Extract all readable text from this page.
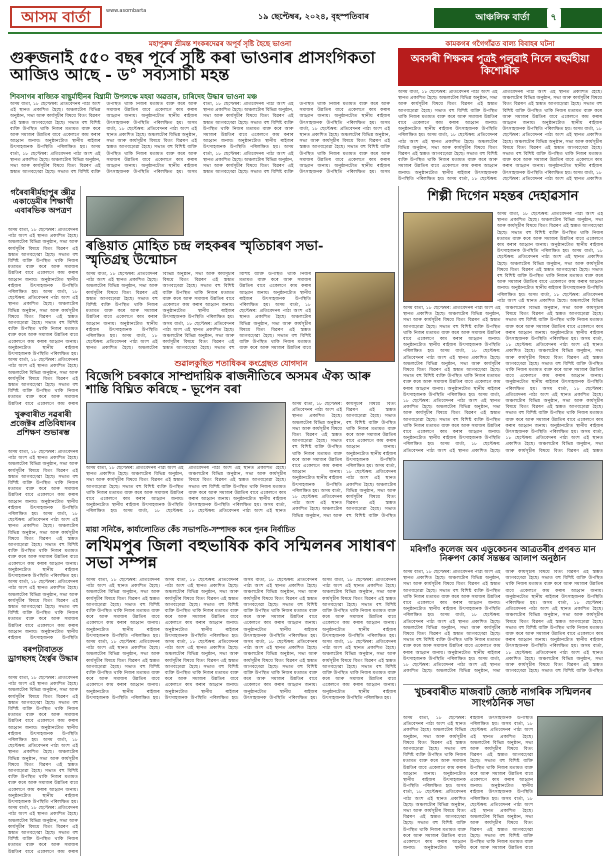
আসম বাৰ্তা	www.asombarta
১৯ ছেপ্টেম্বৰ, ২০২৪, বৃহস্পতিবাৰ	আঞ্চলিক বাৰ্তা ৭
মহাপুৰুষ শ্ৰীমন্ত শংকৰদেৱৰ অপূৰ্ব সৃষ্টি হৈছে ভাওনা
গুৰুজনাই ৫৫০ বছৰ পূৰ্বে সৃষ্টি কৰা ভাওনাৰ প্ৰাসংগিকতা আজিও আছে - ড° সব্যসাচী মহন্ত
শিবসাগৰ ৰাজ্যিক বাছুৰ্মাহীনৰ বিশ্ব্ৰামী উপলক্ষে মহযা অৱতাৰ, চাৰিদেহ উদ্ধাৰ ভাওনা মঞ্চ
অসম বাৰ্তা, ১৮ ছেপ্টেম্বৰ: প্ৰতিবেদনৰ পাঠ্য অংশ এই স্থানত প্ৰকাশিত হৈছে। অঞ্চলটোৰ বিভিন্ন অনুষ্ঠান, সভা আৰু কাৰ্যসূচীৰ বিষয়ে বিতং বিৱৰণ এই স্তম্ভত আগবঢ়োৱা হৈছে। সভাত বহু বিশিষ্ট ব্যক্তি উপস্থিত থাকি নিজৰ মতামত ব্যক্ত কৰে আৰু সমাজৰ উন্নতিৰ বাবে একেলগে কাম কৰাৰ আহ্বান জনায়। অনুষ্ঠানটোত স্থানীয় ৰাইজৰ উৎসাহজনক উপস্থিতি পৰিলক্ষিত হয়। অসম বাৰ্তা, ১৮ ছেপ্টেম্বৰ: প্ৰতিবেদনৰ পাঠ্য অংশ এই স্থানত প্ৰকাশিত হৈছে। অঞ্চলটোৰ বিভিন্ন অনুষ্ঠান, সভা আৰু কাৰ্যসূচীৰ বিষয়ে বিতং বিৱৰণ এই স্তম্ভত আগবঢ়োৱা হৈছে। সভাত বহু বিশিষ্ট ব্যক্তি উপস্থিত থাকি নিজৰ মতামত ব্যক্ত কৰে আৰু সমাজৰ উন্নতিৰ বাবে একেলগে কাম কৰাৰ আহ্বান জনায়। অনুষ্ঠানটোত স্থানীয় ৰাইজৰ উৎসাহজনক উপস্থিতি পৰিলক্ষিত হয়। অসম বাৰ্তা, ১৮ ছেপ্টেম্বৰ: প্ৰতিবেদনৰ পাঠ্য অংশ এই স্থানত প্ৰকাশিত হৈছে। অঞ্চলটোৰ বিভিন্ন অনুষ্ঠান, সভা আৰু কাৰ্যসূচীৰ বিষয়ে বিতং বিৱৰণ এই স্তম্ভত আগবঢ়োৱা হৈছে। সভাত বহু বিশিষ্ট ব্যক্তি উপস্থিত থাকি নিজৰ মতামত ব্যক্ত কৰে আৰু সমাজৰ উন্নতিৰ বাবে একেলগে কাম কৰাৰ আহ্বান জনায়। অনুষ্ঠানটোত স্থানীয় ৰাইজৰ উৎসাহজনক উপস্থিতি পৰিলক্ষিত হয়। অসম বাৰ্তা, ১৮ ছেপ্টেম্বৰ: প্ৰতিবেদনৰ পাঠ্য অংশ এই স্থানত প্ৰকাশিত হৈছে। অঞ্চলটোৰ বিভিন্ন অনুষ্ঠান, সভা আৰু কাৰ্যসূচীৰ বিষয়ে বিতং বিৱৰণ এই স্তম্ভত আগবঢ়োৱা হৈছে। সভাত বহু বিশিষ্ট ব্যক্তি উপস্থিত থাকি নিজৰ মতামত ব্যক্ত কৰে আৰু সমাজৰ উন্নতিৰ বাবে একেলগে কাম কৰাৰ আহ্বান জনায়। অনুষ্ঠানটোত স্থানীয় ৰাইজৰ উৎসাহজনক উপস্থিতি পৰিলক্ষিত হয়। অসম বাৰ্তা, ১৮ ছেপ্টেম্বৰ: প্ৰতিবেদনৰ পাঠ্য অংশ এই স্থানত প্ৰকাশিত হৈছে। অঞ্চলটোৰ বিভিন্ন অনুষ্ঠান, সভা আৰু কাৰ্যসূচীৰ বিষয়ে বিতং বিৱৰণ এই স্তম্ভত আগবঢ়োৱা হৈছে। সভাত বহু বিশিষ্ট ব্যক্তি উপস্থিত থাকি নিজৰ মতামত ব্যক্ত কৰে আৰু সমাজৰ উন্নতিৰ বাবে একেলগে কাম কৰাৰ আহ্বান জনায়। অনুষ্ঠানটোত স্থানীয় ৰাইজৰ উৎসাহজনক উপস্থিতি পৰিলক্ষিত হয়। অসম বাৰ্তা, ১৮ ছেপ্টেম্বৰ: প্ৰতিবেদনৰ পাঠ্য অংশ এই স্থানত প্ৰকাশিত হৈছে। অঞ্চলটোৰ বিভিন্ন অনুষ্ঠান, সভা আৰু কাৰ্যসূচীৰ বিষয়ে বিতং বিৱৰণ এই স্তম্ভত আগবঢ়োৱা হৈছে। সভাত বহু বিশিষ্ট ব্যক্তি উপস্থিত থাকি নিজৰ মতামত ব্যক্ত কৰে আৰু সমাজৰ উন্নতিৰ বাবে একেলগে কাম কৰাৰ আহ্বান জনায়। অনুষ্ঠানটোত স্থানীয় ৰাইজৰ উৎসাহজনক উপস্থিতি পৰিলক্ষিত হয়। অসম
কামকগৰ গগৈগাঁৱত বাল্য বিবাহৰ ঘটনা
অবসৰী শিক্ষকৰ পুত্ৰই পলুৱাই নিলে ৰছৰ্মহীয়া কিশোৰীক
অসম বাৰ্তা, ১৮ ছেপ্টেম্বৰ: প্ৰতিবেদনৰ পাঠ্য অংশ এই স্থানত প্ৰকাশিত হৈছে। অঞ্চলটোৰ বিভিন্ন অনুষ্ঠান, সভা আৰু কাৰ্যসূচীৰ বিষয়ে বিতং বিৱৰণ এই স্তম্ভত আগবঢ়োৱা হৈছে। সভাত বহু বিশিষ্ট ব্যক্তি উপস্থিত থাকি নিজৰ মতামত ব্যক্ত কৰে আৰু সমাজৰ উন্নতিৰ বাবে একেলগে কাম কৰাৰ আহ্বান জনায়। অনুষ্ঠানটোত স্থানীয় ৰাইজৰ উৎসাহজনক উপস্থিতি পৰিলক্ষিত হয়। অসম বাৰ্তা, ১৮ ছেপ্টেম্বৰ: প্ৰতিবেদনৰ পাঠ্য অংশ এই স্থানত প্ৰকাশিত হৈছে। অঞ্চলটোৰ বিভিন্ন অনুষ্ঠান, সভা আৰু কাৰ্যসূচীৰ বিষয়ে বিতং বিৱৰণ এই স্তম্ভত আগবঢ়োৱা হৈছে। সভাত বহু বিশিষ্ট ব্যক্তি উপস্থিত থাকি নিজৰ মতামত ব্যক্ত কৰে আৰু সমাজৰ উন্নতিৰ বাবে একেলগে কাম কৰাৰ আহ্বান জনায়। অনুষ্ঠানটোত স্থানীয় ৰাইজৰ উৎসাহজনক উপস্থিতি পৰিলক্ষিত হয়। অসম বাৰ্তা, ১৮ ছেপ্টেম্বৰ: প্ৰতিবেদনৰ পাঠ্য অংশ এই স্থানত প্ৰকাশিত হৈছে। অঞ্চলটোৰ বিভিন্ন অনুষ্ঠান, সভা আৰু কাৰ্যসূচীৰ বিষয়ে বিতং বিৱৰণ এই স্তম্ভত আগবঢ়োৱা হৈছে। সভাত বহু বিশিষ্ট ব্যক্তি উপস্থিত থাকি নিজৰ মতামত ব্যক্ত কৰে আৰু সমাজৰ উন্নতিৰ বাবে একেলগে কাম কৰাৰ আহ্বান জনায়। অনুষ্ঠানটোত স্থানীয় ৰাইজৰ উৎসাহজনক উপস্থিতি পৰিলক্ষিত হয়। অসম বাৰ্তা, ১৮ ছেপ্টেম্বৰ: প্ৰতিবেদনৰ পাঠ্য অংশ এই স্থানত প্ৰকাশিত হৈছে। অঞ্চলটোৰ বিভিন্ন অনুষ্ঠান, সভা আৰু কাৰ্যসূচীৰ বিষয়ে বিতং বিৱৰণ এই স্তম্ভত আগবঢ়োৱা হৈছে। সভাত বহু বিশিষ্ট ব্যক্তি উপস্থিত থাকি নিজৰ মতামত ব্যক্ত কৰে আৰু সমাজৰ উন্নতিৰ বাবে একেলগে কাম কৰাৰ আহ্বান জনায়। অনুষ্ঠানটোত স্থানীয় ৰাইজৰ উৎসাহজনক উপস্থিতি পৰিলক্ষিত হয়। অসম বাৰ্তা, ১৮ ছেপ্টেম্বৰ: প্ৰতিবেদনৰ পাঠ্য অংশ এই স্থানত প্ৰকাশিত
গৰৈবাৰীৰ্মহাপুৰ জ্ঞীৱ একাডেমীৰ শিক্ষাৰ্থী এবাৰভিক অপত্ৰণ
অসম বাৰ্তা, ১৮ ছেপ্টেম্বৰ: প্ৰতিবেদনৰ পাঠ্য অংশ এই স্থানত প্ৰকাশিত হৈছে। অঞ্চলটোৰ বিভিন্ন অনুষ্ঠান, সভা আৰু কাৰ্যসূচীৰ বিষয়ে বিতং বিৱৰণ এই স্তম্ভত আগবঢ়োৱা হৈছে। সভাত বহু বিশিষ্ট ব্যক্তি উপস্থিত থাকি নিজৰ মতামত ব্যক্ত কৰে আৰু সমাজৰ উন্নতিৰ বাবে একেলগে কাম কৰাৰ আহ্বান জনায়। অনুষ্ঠানটোত স্থানীয় ৰাইজৰ উৎসাহজনক উপস্থিতি পৰিলক্ষিত হয়। অসম বাৰ্তা, ১৮ ছেপ্টেম্বৰ: প্ৰতিবেদনৰ পাঠ্য অংশ এই স্থানত প্ৰকাশিত হৈছে। অঞ্চলটোৰ বিভিন্ন অনুষ্ঠান, সভা আৰু কাৰ্যসূচীৰ বিষয়ে বিতং বিৱৰণ এই স্তম্ভত আগবঢ়োৱা হৈছে। সভাত বহু বিশিষ্ট ব্যক্তি উপস্থিত থাকি নিজৰ মতামত ব্যক্ত কৰে আৰু সমাজৰ উন্নতিৰ বাবে একেলগে কাম কৰাৰ আহ্বান জনায়। অনুষ্ঠানটোত স্থানীয় ৰাইজৰ উৎসাহজনক উপস্থিতি পৰিলক্ষিত হয়। অসম বাৰ্তা, ১৮ ছেপ্টেম্বৰ: প্ৰতিবেদনৰ পাঠ্য অংশ এই স্থানত প্ৰকাশিত হৈছে। অঞ্চলটোৰ বিভিন্ন অনুষ্ঠান, সভা আৰু কাৰ্যসূচীৰ বিষয়ে বিতং বিৱৰণ এই স্তম্ভত আগবঢ়োৱা হৈছে। সভাত বহু বিশিষ্ট ব্যক্তি উপস্থিত থাকি নিজৰ মতামত ব্যক্ত কৰে আৰু সমাজৰ উন্নতিৰ বাবে একেলগে কাম কৰাৰ
খুৰুবাৰীত নৱৰাৰী প্ৰজেক্টৰ প্ৰতিবিধানৰ প্ৰশিক্ষণ শুভাৰম্ভ
অসম বাৰ্তা, ১৮ ছেপ্টেম্বৰ: প্ৰতিবেদনৰ পাঠ্য অংশ এই স্থানত প্ৰকাশিত হৈছে। অঞ্চলটোৰ বিভিন্ন অনুষ্ঠান, সভা আৰু কাৰ্যসূচীৰ বিষয়ে বিতং বিৱৰণ এই স্তম্ভত আগবঢ়োৱা হৈছে। সভাত বহু বিশিষ্ট ব্যক্তি উপস্থিত থাকি নিজৰ মতামত ব্যক্ত কৰে আৰু সমাজৰ উন্নতিৰ বাবে একেলগে কাম কৰাৰ আহ্বান জনায়। অনুষ্ঠানটোত স্থানীয় ৰাইজৰ উৎসাহজনক উপস্থিতি পৰিলক্ষিত হয়। অসম বাৰ্তা, ১৮ ছেপ্টেম্বৰ: প্ৰতিবেদনৰ পাঠ্য অংশ এই স্থানত প্ৰকাশিত হৈছে। অঞ্চলটোৰ বিভিন্ন অনুষ্ঠান, সভা আৰু কাৰ্যসূচীৰ বিষয়ে বিতং বিৱৰণ এই স্তম্ভত আগবঢ়োৱা হৈছে। সভাত বহু বিশিষ্ট ব্যক্তি উপস্থিত থাকি নিজৰ মতামত ব্যক্ত কৰে আৰু সমাজৰ উন্নতিৰ বাবে একেলগে কাম কৰাৰ আহ্বান জনায়। অনুষ্ঠানটোত স্থানীয় ৰাইজৰ উৎসাহজনক উপস্থিতি পৰিলক্ষিত হয়। অসম বাৰ্তা, ১৮ ছেপ্টেম্বৰ: প্ৰতিবেদনৰ পাঠ্য অংশ এই স্থানত প্ৰকাশিত হৈছে। অঞ্চলটোৰ বিভিন্ন অনুষ্ঠান, সভা আৰু কাৰ্যসূচীৰ বিষয়ে বিতং বিৱৰণ এই স্তম্ভত আগবঢ়োৱা হৈছে। সভাত বহু বিশিষ্ট ব্যক্তি উপস্থিত থাকি নিজৰ মতামত ব্যক্ত কৰে আৰু সমাজৰ উন্নতিৰ বাবে একেলগে কাম কৰাৰ আহ্বান জনায়। অনুষ্ঠানটোত স্থানীয় ৰাইজৰ উৎসাহজনক উপস্থিতি
বৰপটাবাতত ড্ৰাগছসহ হৈৰ্ত্বৰ উদ্ধাৰ
অসম বাৰ্তা, ১৮ ছেপ্টেম্বৰ: প্ৰতিবেদনৰ পাঠ্য অংশ এই স্থানত প্ৰকাশিত হৈছে। অঞ্চলটোৰ বিভিন্ন অনুষ্ঠান, সভা আৰু কাৰ্যসূচীৰ বিষয়ে বিতং বিৱৰণ এই স্তম্ভত আগবঢ়োৱা হৈছে। সভাত বহু বিশিষ্ট ব্যক্তি উপস্থিত থাকি নিজৰ মতামত ব্যক্ত কৰে আৰু সমাজৰ উন্নতিৰ বাবে একেলগে কাম কৰাৰ আহ্বান জনায়। অনুষ্ঠানটোত স্থানীয় ৰাইজৰ উৎসাহজনক উপস্থিতি পৰিলক্ষিত হয়। অসম বাৰ্তা, ১৮ ছেপ্টেম্বৰ: প্ৰতিবেদনৰ পাঠ্য অংশ এই স্থানত প্ৰকাশিত হৈছে। অঞ্চলটোৰ বিভিন্ন অনুষ্ঠান, সভা আৰু কাৰ্যসূচীৰ বিষয়ে বিতং বিৱৰণ এই স্তম্ভত আগবঢ়োৱা হৈছে। সভাত বহু বিশিষ্ট ব্যক্তি উপস্থিত থাকি নিজৰ মতামত ব্যক্ত কৰে আৰু সমাজৰ উন্নতিৰ বাবে একেলগে কাম কৰাৰ আহ্বান জনায়। অনুষ্ঠানটোত স্থানীয় ৰাইজৰ উৎসাহজনক উপস্থিতি পৰিলক্ষিত হয়। অসম বাৰ্তা, ১৮ ছেপ্টেম্বৰ: প্ৰতিবেদনৰ পাঠ্য অংশ এই স্থানত প্ৰকাশিত হৈছে। অঞ্চলটোৰ বিভিন্ন অনুষ্ঠান, সভা আৰু কাৰ্যসূচীৰ বিষয়ে বিতং বিৱৰণ এই স্তম্ভত আগবঢ়োৱা হৈছে। সভাত বহু বিশিষ্ট ব্যক্তি উপস্থিত থাকি নিজৰ মতামত ব্যক্ত কৰে আৰু সমাজৰ উন্নতিৰ বাবে একেলগে কাম কৰাৰ
ৰঙিয়াত মোহিত চন্দ্ৰ লহকৰৰ স্মৃতিচাৰণ সভা-স্মৃতিগ্ৰন্থ উন্মোচন
অসম বাৰ্তা, ১৮ ছেপ্টেম্বৰ: প্ৰতিবেদনৰ পাঠ্য অংশ এই স্থানত প্ৰকাশিত হৈছে। অঞ্চলটোৰ বিভিন্ন অনুষ্ঠান, সভা আৰু কাৰ্যসূচীৰ বিষয়ে বিতং বিৱৰণ এই স্তম্ভত আগবঢ়োৱা হৈছে। সভাত বহু বিশিষ্ট ব্যক্তি উপস্থিত থাকি নিজৰ মতামত ব্যক্ত কৰে আৰু সমাজৰ উন্নতিৰ বাবে একেলগে কাম কৰাৰ আহ্বান জনায়। অনুষ্ঠানটোত স্থানীয় ৰাইজৰ উৎসাহজনক উপস্থিতি পৰিলক্ষিত হয়। অসম বাৰ্তা, ১৮ ছেপ্টেম্বৰ: প্ৰতিবেদনৰ পাঠ্য অংশ এই স্থানত প্ৰকাশিত হৈছে। অঞ্চলটোৰ বিভিন্ন অনুষ্ঠান, সভা আৰু কাৰ্যসূচীৰ বিষয়ে বিতং বিৱৰণ এই স্তম্ভত আগবঢ়োৱা হৈছে। সভাত বহু বিশিষ্ট ব্যক্তি উপস্থিত থাকি নিজৰ মতামত ব্যক্ত কৰে আৰু সমাজৰ উন্নতিৰ বাবে একেলগে কাম কৰাৰ আহ্বান জনায়। অনুষ্ঠানটোত স্থানীয় ৰাইজৰ উৎসাহজনক উপস্থিতি পৰিলক্ষিত হয়। অসম বাৰ্তা, ১৮ ছেপ্টেম্বৰ: প্ৰতিবেদনৰ পাঠ্য অংশ এই স্থানত প্ৰকাশিত হৈছে। অঞ্চলটোৰ বিভিন্ন অনুষ্ঠান, সভা আৰু কাৰ্যসূচীৰ বিষয়ে বিতং বিৱৰণ এই স্তম্ভত আগবঢ়োৱা হৈছে। সভাত বহু বিশিষ্ট ব্যক্তি উপস্থিত থাকি নিজৰ মতামত ব্যক্ত কৰে আৰু সমাজৰ উন্নতিৰ বাবে একেলগে কাম কৰাৰ আহ্বান জনায়। অনুষ্ঠানটোত স্থানীয় ৰাইজৰ উৎসাহজনক উপস্থিতি পৰিলক্ষিত হয়। অসম বাৰ্তা, ১৮ ছেপ্টেম্বৰ: প্ৰতিবেদনৰ পাঠ্য অংশ এই স্থানত প্ৰকাশিত হৈছে। অঞ্চলটোৰ বিভিন্ন অনুষ্ঠান, সভা আৰু কাৰ্যসূচীৰ বিষয়ে বিতং বিৱৰণ এই স্তম্ভত আগবঢ়োৱা হৈছে। সভাত বহু বিশিষ্ট ব্যক্তি উপস্থিত থাকি নিজৰ মতামত ব্যক্ত কৰে আৰু সমাজৰ উন্নতিৰ বাবে
শুৱালকুছিত শতাধিকৰ কংগ্ৰেছত যোগদান
বিজেপি চৰকাৰে সাম্প্ৰদায়িক ৰাজনীতিৰে অসমৰ ঐক্য আৰু শান্তি বিঘ্নিত কৰিছে - ভূপেন বৰা
অসম বাৰ্তা, ১৮ ছেপ্টেম্বৰ: প্ৰতিবেদনৰ পাঠ্য অংশ এই স্থানত প্ৰকাশিত হৈছে। অঞ্চলটোৰ বিভিন্ন অনুষ্ঠান, সভা আৰু কাৰ্যসূচীৰ বিষয়ে বিতং বিৱৰণ এই স্তম্ভত আগবঢ়োৱা হৈছে। সভাত বহু বিশিষ্ট ব্যক্তি উপস্থিত থাকি নিজৰ মতামত ব্যক্ত কৰে আৰু সমাজৰ উন্নতিৰ বাবে একেলগে কাম কৰাৰ আহ্বান জনায়। অনুষ্ঠানটোত স্থানীয় ৰাইজৰ উৎসাহজনক উপস্থিতি পৰিলক্ষিত হয়। অসম বাৰ্তা, ১৮ ছেপ্টেম্বৰ: প্ৰতিবেদনৰ পাঠ্য অংশ এই স্থানত প্ৰকাশিত হৈছে। অঞ্চলটোৰ বিভিন্ন অনুষ্ঠান, সভা আৰু কাৰ্যসূচীৰ বিষয়ে বিতং বিৱৰণ এই স্তম্ভত আগবঢ়োৱা হৈছে। সভাত বহু বিশিষ্ট ব্যক্তি উপস্থিত থাকি নিজৰ মতামত ব্যক্ত কৰে আৰু সমাজৰ উন্নতিৰ বাবে একেলগে কাম কৰাৰ আহ্বান জনায়। অনুষ্ঠানটোত স্থানীয় ৰাইজৰ উৎসাহজনক উপস্থিতি পৰিলক্ষিত হয়। অসম বাৰ্তা, ১৮ ছেপ্টেম্বৰ: প্ৰতিবেদনৰ পাঠ্য অংশ এই স্থানত
অসম বাৰ্তা, ১৮ ছেপ্টেম্বৰ: প্ৰতিবেদনৰ পাঠ্য অংশ এই স্থানত প্ৰকাশিত হৈছে। অঞ্চলটোৰ বিভিন্ন অনুষ্ঠান, সভা আৰু কাৰ্যসূচীৰ বিষয়ে বিতং বিৱৰণ এই স্তম্ভত আগবঢ়োৱা হৈছে। সভাত বহু বিশিষ্ট ব্যক্তি উপস্থিত থাকি নিজৰ মতামত ব্যক্ত কৰে আৰু সমাজৰ উন্নতিৰ বাবে একেলগে কাম কৰাৰ আহ্বান জনায়। অনুষ্ঠানটোত স্থানীয় ৰাইজৰ উৎসাহজনক উপস্থিতি পৰিলক্ষিত হয়। অসম বাৰ্তা, ১৮ ছেপ্টেম্বৰ: প্ৰতিবেদনৰ পাঠ্য অংশ এই স্থানত প্ৰকাশিত হৈছে। অঞ্চলটোৰ বিভিন্ন অনুষ্ঠান, সভা আৰু কাৰ্যসূচীৰ বিষয়ে বিতং বিৱৰণ এই স্তম্ভত আগবঢ়োৱা হৈছে। সভাত বহু বিশিষ্ট ব্যক্তি উপস্থিত থাকি নিজৰ মতামত ব্যক্ত কৰে আৰু সমাজৰ উন্নতিৰ বাবে একেলগে কাম কৰাৰ আহ্বান জনায়। অনুষ্ঠানটোত স্থানীয় ৰাইজৰ উৎসাহজনক উপস্থিতি পৰিলক্ষিত হয়। অসম বাৰ্তা, ১৮ ছেপ্টেম্বৰ: প্ৰতিবেদনৰ পাঠ্য অংশ এই স্থানত প্ৰকাশিত হৈছে। অঞ্চলটোৰ বিভিন্ন অনুষ্ঠান, সভা আৰু কাৰ্যসূচীৰ বিষয়ে বিতং বিৱৰণ এই স্তম্ভত আগবঢ়োৱা হৈছে। সভাত বহু বিশিষ্ট ব্যক্তি উপস্থিত
মায়া সনিকৈ, কাৰ্যালোতিত কেঁচ সভাপতি-সম্পাদক কৰে পুনৰ নিৰ্বাচিত
লখিমপুৰ জিলা বহুভাষিক কবি সন্মিলনৰ সাধাৰণ সভা সম্পন্ন
অসম বাৰ্তা, ১৮ ছেপ্টেম্বৰ: প্ৰতিবেদনৰ পাঠ্য অংশ এই স্থানত প্ৰকাশিত হৈছে। অঞ্চলটোৰ বিভিন্ন অনুষ্ঠান, সভা আৰু কাৰ্যসূচীৰ বিষয়ে বিতং বিৱৰণ এই স্তম্ভত আগবঢ়োৱা হৈছে। সভাত বহু বিশিষ্ট ব্যক্তি উপস্থিত থাকি নিজৰ মতামত ব্যক্ত কৰে আৰু সমাজৰ উন্নতিৰ বাবে একেলগে কাম কৰাৰ আহ্বান জনায়। অনুষ্ঠানটোত স্থানীয় ৰাইজৰ উৎসাহজনক উপস্থিতি পৰিলক্ষিত হয়। অসম বাৰ্তা, ১৮ ছেপ্টেম্বৰ: প্ৰতিবেদনৰ পাঠ্য অংশ এই স্থানত প্ৰকাশিত হৈছে। অঞ্চলটোৰ বিভিন্ন অনুষ্ঠান, সভা আৰু কাৰ্যসূচীৰ বিষয়ে বিতং বিৱৰণ এই স্তম্ভত আগবঢ়োৱা হৈছে। সভাত বহু বিশিষ্ট ব্যক্তি উপস্থিত থাকি নিজৰ মতামত ব্যক্ত কৰে আৰু সমাজৰ উন্নতিৰ বাবে একেলগে কাম কৰাৰ আহ্বান জনায়। অনুষ্ঠানটোত স্থানীয় ৰাইজৰ উৎসাহজনক উপস্থিতি পৰিলক্ষিত হয়। অসম বাৰ্তা, ১৮ ছেপ্টেম্বৰ: প্ৰতিবেদনৰ পাঠ্য অংশ এই স্থানত প্ৰকাশিত হৈছে। অঞ্চলটোৰ বিভিন্ন অনুষ্ঠান, সভা আৰু কাৰ্যসূচীৰ বিষয়ে বিতং বিৱৰণ এই স্তম্ভত আগবঢ়োৱা হৈছে। সভাত বহু বিশিষ্ট ব্যক্তি উপস্থিত থাকি নিজৰ মতামত ব্যক্ত কৰে আৰু সমাজৰ উন্নতিৰ বাবে একেলগে কাম কৰাৰ আহ্বান জনায়। অনুষ্ঠানটোত স্থানীয় ৰাইজৰ উৎসাহজনক উপস্থিতি পৰিলক্ষিত হয়। অসম বাৰ্তা, ১৮ ছেপ্টেম্বৰ: প্ৰতিবেদনৰ পাঠ্য অংশ এই স্থানত প্ৰকাশিত হৈছে। অঞ্চলটোৰ বিভিন্ন অনুষ্ঠান, সভা আৰু কাৰ্যসূচীৰ বিষয়ে বিতং বিৱৰণ এই স্তম্ভত আগবঢ়োৱা হৈছে। সভাত বহু বিশিষ্ট ব্যক্তি উপস্থিত থাকি নিজৰ মতামত ব্যক্ত কৰে আৰু সমাজৰ উন্নতিৰ বাবে একেলগে কাম কৰাৰ আহ্বান জনায়। অনুষ্ঠানটোত স্থানীয় ৰাইজৰ উৎসাহজনক উপস্থিতি পৰিলক্ষিত হয়। অসম বাৰ্তা, ১৮ ছেপ্টেম্বৰ: প্ৰতিবেদনৰ পাঠ্য অংশ এই স্থানত প্ৰকাশিত হৈছে। অঞ্চলটোৰ বিভিন্ন অনুষ্ঠান, সভা আৰু কাৰ্যসূচীৰ বিষয়ে বিতং বিৱৰণ এই স্তম্ভত আগবঢ়োৱা হৈছে। সভাত বহু বিশিষ্ট ব্যক্তি উপস্থিত থাকি নিজৰ মতামত ব্যক্ত কৰে আৰু সমাজৰ উন্নতিৰ বাবে একেলগে কাম কৰাৰ আহ্বান জনায়। অনুষ্ঠানটোত স্থানীয় ৰাইজৰ উৎসাহজনক উপস্থিতি পৰিলক্ষিত হয়। অসম বাৰ্তা, ১৮ ছেপ্টেম্বৰ: প্ৰতিবেদনৰ পাঠ্য অংশ এই স্থানত প্ৰকাশিত হৈছে। অঞ্চলটোৰ বিভিন্ন অনুষ্ঠান, সভা আৰু কাৰ্যসূচীৰ বিষয়ে বিতং বিৱৰণ এই স্তম্ভত আগবঢ়োৱা হৈছে। সভাত বহু বিশিষ্ট ব্যক্তি উপস্থিত থাকি নিজৰ মতামত ব্যক্ত কৰে আৰু সমাজৰ উন্নতিৰ বাবে একেলগে কাম কৰাৰ আহ্বান জনায়। অনুষ্ঠানটোত স্থানীয় ৰাইজৰ উৎসাহজনক উপস্থিতি পৰিলক্ষিত হয়। অসম বাৰ্তা, ১৮ ছেপ্টেম্বৰ: প্ৰতিবেদনৰ পাঠ্য অংশ এই স্থানত প্ৰকাশিত হৈছে। অঞ্চলটোৰ বিভিন্ন অনুষ্ঠান, সভা আৰু কাৰ্যসূচীৰ বিষয়ে বিতং বিৱৰণ এই স্তম্ভত আগবঢ়োৱা হৈছে। সভাত বহু বিশিষ্ট ব্যক্তি উপস্থিত থাকি নিজৰ মতামত ব্যক্ত কৰে আৰু সমাজৰ উন্নতিৰ বাবে একেলগে কাম কৰাৰ আহ্বান জনায়। অনুষ্ঠানটোত স্থানীয় ৰাইজৰ উৎসাহজনক উপস্থিতি পৰিলক্ষিত হয়। অসম বাৰ্তা, ১৮ ছেপ্টেম্বৰ: প্ৰতিবেদনৰ পাঠ্য অংশ এই স্থানত প্ৰকাশিত হৈছে। অঞ্চলটোৰ বিভিন্ন অনুষ্ঠান, সভা আৰু কাৰ্যসূচীৰ বিষয়ে বিতং বিৱৰণ এই স্তম্ভত আগবঢ়োৱা হৈছে। সভাত বহু বিশিষ্ট ব্যক্তি উপস্থিত থাকি নিজৰ মতামত ব্যক্ত কৰে আৰু সমাজৰ উন্নতিৰ বাবে একেলগে কাম কৰাৰ আহ্বান জনায়। অনুষ্ঠানটোত স্থানীয় ৰাইজৰ উৎসাহজনক উপস্থিতি পৰিলক্ষিত হয়।
শিল্পী দিগেন মহন্তৰ দেহাৱসান
অসম বাৰ্তা, ১৮ ছেপ্টেম্বৰ: প্ৰতিবেদনৰ পাঠ্য অংশ এই স্থানত প্ৰকাশিত হৈছে। অঞ্চলটোৰ বিভিন্ন অনুষ্ঠান, সভা আৰু কাৰ্যসূচীৰ বিষয়ে বিতং বিৱৰণ এই স্তম্ভত আগবঢ়োৱা হৈছে। সভাত বহু বিশিষ্ট ব্যক্তি উপস্থিত থাকি নিজৰ মতামত ব্যক্ত কৰে আৰু সমাজৰ উন্নতিৰ বাবে একেলগে কাম কৰাৰ আহ্বান জনায়। অনুষ্ঠানটোত স্থানীয় ৰাইজৰ উৎসাহজনক উপস্থিতি পৰিলক্ষিত হয়। অসম বাৰ্তা, ১৮ ছেপ্টেম্বৰ: প্ৰতিবেদনৰ পাঠ্য অংশ এই স্থানত প্ৰকাশিত হৈছে। অঞ্চলটোৰ বিভিন্ন অনুষ্ঠান, সভা আৰু কাৰ্যসূচীৰ বিষয়ে বিতং বিৱৰণ এই স্তম্ভত আগবঢ়োৱা হৈছে। সভাত বহু বিশিষ্ট ব্যক্তি উপস্থিত থাকি নিজৰ মতামত ব্যক্ত কৰে আৰু সমাজৰ উন্নতিৰ বাবে একেলগে কাম কৰাৰ আহ্বান জনায়। অনুষ্ঠানটোত স্থানীয় ৰাইজৰ উৎসাহজনক উপস্থিতি পৰিলক্ষিত হয়। অসম বাৰ্তা, ১৮ ছেপ্টেম্বৰ: প্ৰতিবেদনৰ পাঠ্য অংশ এই স্থানত প্ৰকাশিত হৈছে। অঞ্চলটোৰ বিভিন্ন
অসম বাৰ্তা, ১৮ ছেপ্টেম্বৰ: প্ৰতিবেদনৰ পাঠ্য অংশ এই স্থানত প্ৰকাশিত হৈছে। অঞ্চলটোৰ বিভিন্ন অনুষ্ঠান, সভা আৰু কাৰ্যসূচীৰ বিষয়ে বিতং বিৱৰণ এই স্তম্ভত আগবঢ়োৱা হৈছে। সভাত বহু বিশিষ্ট ব্যক্তি উপস্থিত থাকি নিজৰ মতামত ব্যক্ত কৰে আৰু সমাজৰ উন্নতিৰ বাবে একেলগে কাম কৰাৰ আহ্বান জনায়। অনুষ্ঠানটোত স্থানীয় ৰাইজৰ উৎসাহজনক উপস্থিতি পৰিলক্ষিত হয়। অসম বাৰ্তা, ১৮ ছেপ্টেম্বৰ: প্ৰতিবেদনৰ পাঠ্য অংশ এই স্থানত প্ৰকাশিত হৈছে। অঞ্চলটোৰ বিভিন্ন অনুষ্ঠান, সভা আৰু কাৰ্যসূচীৰ বিষয়ে বিতং বিৱৰণ এই স্তম্ভত আগবঢ়োৱা হৈছে। সভাত বহু বিশিষ্ট ব্যক্তি উপস্থিত থাকি নিজৰ মতামত ব্যক্ত কৰে আৰু সমাজৰ উন্নতিৰ বাবে একেলগে কাম কৰাৰ আহ্বান জনায়। অনুষ্ঠানটোত স্থানীয় ৰাইজৰ উৎসাহজনক উপস্থিতি পৰিলক্ষিত হয়। অসম বাৰ্তা, ১৮ ছেপ্টেম্বৰ: প্ৰতিবেদনৰ পাঠ্য অংশ এই স্থানত প্ৰকাশিত হৈছে। অঞ্চলটোৰ বিভিন্ন অনুষ্ঠান, সভা আৰু কাৰ্যসূচীৰ বিষয়ে বিতং বিৱৰণ এই স্তম্ভত আগবঢ়োৱা হৈছে। সভাত বহু বিশিষ্ট ব্যক্তি উপস্থিত থাকি নিজৰ মতামত ব্যক্ত কৰে আৰু সমাজৰ উন্নতিৰ বাবে একেলগে কাম কৰাৰ আহ্বান জনায়। অনুষ্ঠানটোত স্থানীয় ৰাইজৰ উৎসাহজনক উপস্থিতি পৰিলক্ষিত হয়। অসম বাৰ্তা, ১৮ ছেপ্টেম্বৰ: প্ৰতিবেদনৰ পাঠ্য অংশ এই স্থানত প্ৰকাশিত হৈছে। অঞ্চলটোৰ বিভিন্ন অনুষ্ঠান, সভা আৰু কাৰ্যসূচীৰ বিষয়ে বিতং বিৱৰণ এই স্তম্ভত আগবঢ়োৱা হৈছে। সভাত বহু বিশিষ্ট ব্যক্তি উপস্থিত থাকি নিজৰ মতামত ব্যক্ত কৰে আৰু সমাজৰ উন্নতিৰ বাবে একেলগে কাম কৰাৰ আহ্বান জনায়। অনুষ্ঠানটোত স্থানীয় ৰাইজৰ উৎসাহজনক উপস্থিতি পৰিলক্ষিত হয়। অসম বাৰ্তা, ১৮ ছেপ্টেম্বৰ: প্ৰতিবেদনৰ পাঠ্য অংশ এই স্থানত প্ৰকাশিত হৈছে। অঞ্চলটোৰ বিভিন্ন অনুষ্ঠান, সভা আৰু কাৰ্যসূচীৰ বিষয়ে বিতং বিৱৰণ এই স্তম্ভত আগবঢ়োৱা হৈছে। সভাত বহু বিশিষ্ট ব্যক্তি উপস্থিত থাকি নিজৰ মতামত ব্যক্ত কৰে আৰু সমাজৰ উন্নতিৰ বাবে একেলগে কাম কৰাৰ আহ্বান জনায়। অনুষ্ঠানটোত স্থানীয় ৰাইজৰ উৎসাহজনক উপস্থিতি পৰিলক্ষিত হয়। অসম বাৰ্তা, ১৮ ছেপ্টেম্বৰ: প্ৰতিবেদনৰ পাঠ্য অংশ এই স্থানত প্ৰকাশিত হৈছে। অঞ্চলটোৰ বিভিন্ন অনুষ্ঠান, সভা আৰু কাৰ্যসূচীৰ বিষয়ে বিতং বিৱৰণ এই স্তম্ভত আগবঢ়োৱা হৈছে। সভাত বহু বিশিষ্ট ব্যক্তি উপস্থিত থাকি নিজৰ মতামত ব্যক্ত কৰে আৰু সমাজৰ উন্নতিৰ বাবে একেলগে কাম কৰাৰ আহ্বান জনায়। অনুষ্ঠানটোত স্থানীয় ৰাইজৰ উৎসাহজনক উপস্থিতি পৰিলক্ষিত হয়। অসম বাৰ্তা, ১৮ ছেপ্টেম্বৰ: প্ৰতিবেদনৰ পাঠ্য অংশ এই স্থানত প্ৰকাশিত হৈছে। অঞ্চলটোৰ বিভিন্ন অনুষ্ঠান, সভা আৰু কাৰ্যসূচীৰ বিষয়ে বিতং বিৱৰণ এই স্তম্ভত
মৰিগাঁও কলেজ অব এডুকেচনৰ আত্ৰতৰীৰ প্ৰণৰত মান নিৰুপণ কোৰ্ষ সন্তম্ভৰ আলাপ অনুষ্ঠান
অসম বাৰ্তা, ১৮ ছেপ্টেম্বৰ: প্ৰতিবেদনৰ পাঠ্য অংশ এই স্থানত প্ৰকাশিত হৈছে। অঞ্চলটোৰ বিভিন্ন অনুষ্ঠান, সভা আৰু কাৰ্যসূচীৰ বিষয়ে বিতং বিৱৰণ এই স্তম্ভত আগবঢ়োৱা হৈছে। সভাত বহু বিশিষ্ট ব্যক্তি উপস্থিত থাকি নিজৰ মতামত ব্যক্ত কৰে আৰু সমাজৰ উন্নতিৰ বাবে একেলগে কাম কৰাৰ আহ্বান জনায়। অনুষ্ঠানটোত স্থানীয় ৰাইজৰ উৎসাহজনক উপস্থিতি পৰিলক্ষিত হয়। অসম বাৰ্তা, ১৮ ছেপ্টেম্বৰ: প্ৰতিবেদনৰ পাঠ্য অংশ এই স্থানত প্ৰকাশিত হৈছে। অঞ্চলটোৰ বিভিন্ন অনুষ্ঠান, সভা আৰু কাৰ্যসূচীৰ বিষয়ে বিতং বিৱৰণ এই স্তম্ভত আগবঢ়োৱা হৈছে। সভাত বহু বিশিষ্ট ব্যক্তি উপস্থিত থাকি নিজৰ মতামত ব্যক্ত কৰে আৰু সমাজৰ উন্নতিৰ বাবে একেলগে কাম কৰাৰ আহ্বান জনায়। অনুষ্ঠানটোত স্থানীয় ৰাইজৰ উৎসাহজনক উপস্থিতি পৰিলক্ষিত হয়। অসম বাৰ্তা, ১৮ ছেপ্টেম্বৰ: প্ৰতিবেদনৰ পাঠ্য অংশ এই স্থানত প্ৰকাশিত হৈছে। অঞ্চলটোৰ বিভিন্ন অনুষ্ঠান, সভা আৰু কাৰ্যসূচীৰ বিষয়ে বিতং বিৱৰণ এই স্তম্ভত আগবঢ়োৱা হৈছে। সভাত বহু বিশিষ্ট ব্যক্তি উপস্থিত থাকি নিজৰ মতামত ব্যক্ত কৰে আৰু সমাজৰ উন্নতিৰ বাবে একেলগে কাম কৰাৰ আহ্বান জনায়। অনুষ্ঠানটোত স্থানীয় ৰাইজৰ উৎসাহজনক উপস্থিতি পৰিলক্ষিত হয়। অসম বাৰ্তা, ১৮ ছেপ্টেম্বৰ: প্ৰতিবেদনৰ পাঠ্য অংশ এই স্থানত প্ৰকাশিত হৈছে। অঞ্চলটোৰ বিভিন্ন অনুষ্ঠান, সভা আৰু কাৰ্যসূচীৰ বিষয়ে বিতং বিৱৰণ এই স্তম্ভত আগবঢ়োৱা হৈছে। সভাত বহু বিশিষ্ট ব্যক্তি উপস্থিত থাকি নিজৰ মতামত ব্যক্ত কৰে আৰু সমাজৰ উন্নতিৰ বাবে একেলগে কাম কৰাৰ আহ্বান জনায়। অনুষ্ঠানটোত স্থানীয় ৰাইজৰ উৎসাহজনক উপস্থিতি পৰিলক্ষিত হয়। অসম বাৰ্তা, ১৮ ছেপ্টেম্বৰ: প্ৰতিবেদনৰ পাঠ্য অংশ এই স্থানত প্ৰকাশিত হৈছে। অঞ্চলটোৰ বিভিন্ন অনুষ্ঠান, সভা আৰু কাৰ্যসূচীৰ বিষয়ে বিতং বিৱৰণ এই স্তম্ভত আগবঢ়োৱা হৈছে। সভাত বহু বিশিষ্ট ব্যক্তি উপস্থিত
খুচৰবাৰীত মাজবাট জ্যেষ্ঠ নাগৰিক সন্মিলনৰ সাংগঠনিক সভা
অসম বাৰ্তা, ১৮ ছেপ্টেম্বৰ: প্ৰতিবেদনৰ পাঠ্য অংশ এই স্থানত প্ৰকাশিত হৈছে। অঞ্চলটোৰ বিভিন্ন অনুষ্ঠান, সভা আৰু কাৰ্যসূচীৰ বিষয়ে বিতং বিৱৰণ এই স্তম্ভত আগবঢ়োৱা হৈছে। সভাত বহু বিশিষ্ট ব্যক্তি উপস্থিত থাকি নিজৰ মতামত ব্যক্ত কৰে আৰু সমাজৰ উন্নতিৰ বাবে একেলগে কাম কৰাৰ আহ্বান জনায়। অনুষ্ঠানটোত স্থানীয় ৰাইজৰ উৎসাহজনক উপস্থিতি পৰিলক্ষিত হয়। অসম বাৰ্তা, ১৮ ছেপ্টেম্বৰ: প্ৰতিবেদনৰ পাঠ্য অংশ এই স্থানত প্ৰকাশিত হৈছে। অঞ্চলটোৰ বিভিন্ন অনুষ্ঠান, সভা আৰু কাৰ্যসূচীৰ বিষয়ে বিতং বিৱৰণ এই স্তম্ভত আগবঢ়োৱা হৈছে। সভাত বহু বিশিষ্ট ব্যক্তি উপস্থিত থাকি নিজৰ মতামত ব্যক্ত কৰে আৰু সমাজৰ উন্নতিৰ বাবে একেলগে কাম কৰাৰ আহ্বান জনায়। অনুষ্ঠানটোত স্থানীয় ৰাইজৰ উৎসাহজনক উপস্থিতি পৰিলক্ষিত হয়। অসম বাৰ্তা, ১৮ ছেপ্টেম্বৰ: প্ৰতিবেদনৰ পাঠ্য অংশ এই স্থানত প্ৰকাশিত হৈছে। অঞ্চলটোৰ বিভিন্ন অনুষ্ঠান, সভা আৰু কাৰ্যসূচীৰ বিষয়ে বিতং বিৱৰণ এই স্তম্ভত আগবঢ়োৱা হৈছে। সভাত বহু বিশিষ্ট ব্যক্তি উপস্থিত থাকি নিজৰ মতামত ব্যক্ত কৰে আৰু সমাজৰ উন্নতিৰ বাবে একেলগে কাম কৰাৰ আহ্বান জনায়। অনুষ্ঠানটোত স্থানীয় ৰাইজৰ উৎসাহজনক উপস্থিতি পৰিলক্ষিত হয়। অসম বাৰ্তা, ১৮ ছেপ্টেম্বৰ: প্ৰতিবেদনৰ পাঠ্য অংশ এই স্থানত প্ৰকাশিত হৈছে। অঞ্চলটোৰ বিভিন্ন অনুষ্ঠান, সভা আৰু কাৰ্যসূচীৰ বিষয়ে বিতং বিৱৰণ এই স্তম্ভত আগবঢ়োৱা হৈছে। সভাত বহু বিশিষ্ট ব্যক্তি উপস্থিত থাকি নিজৰ মতামত ব্যক্ত কৰে আৰু সমাজৰ উন্নতিৰ বাবে
